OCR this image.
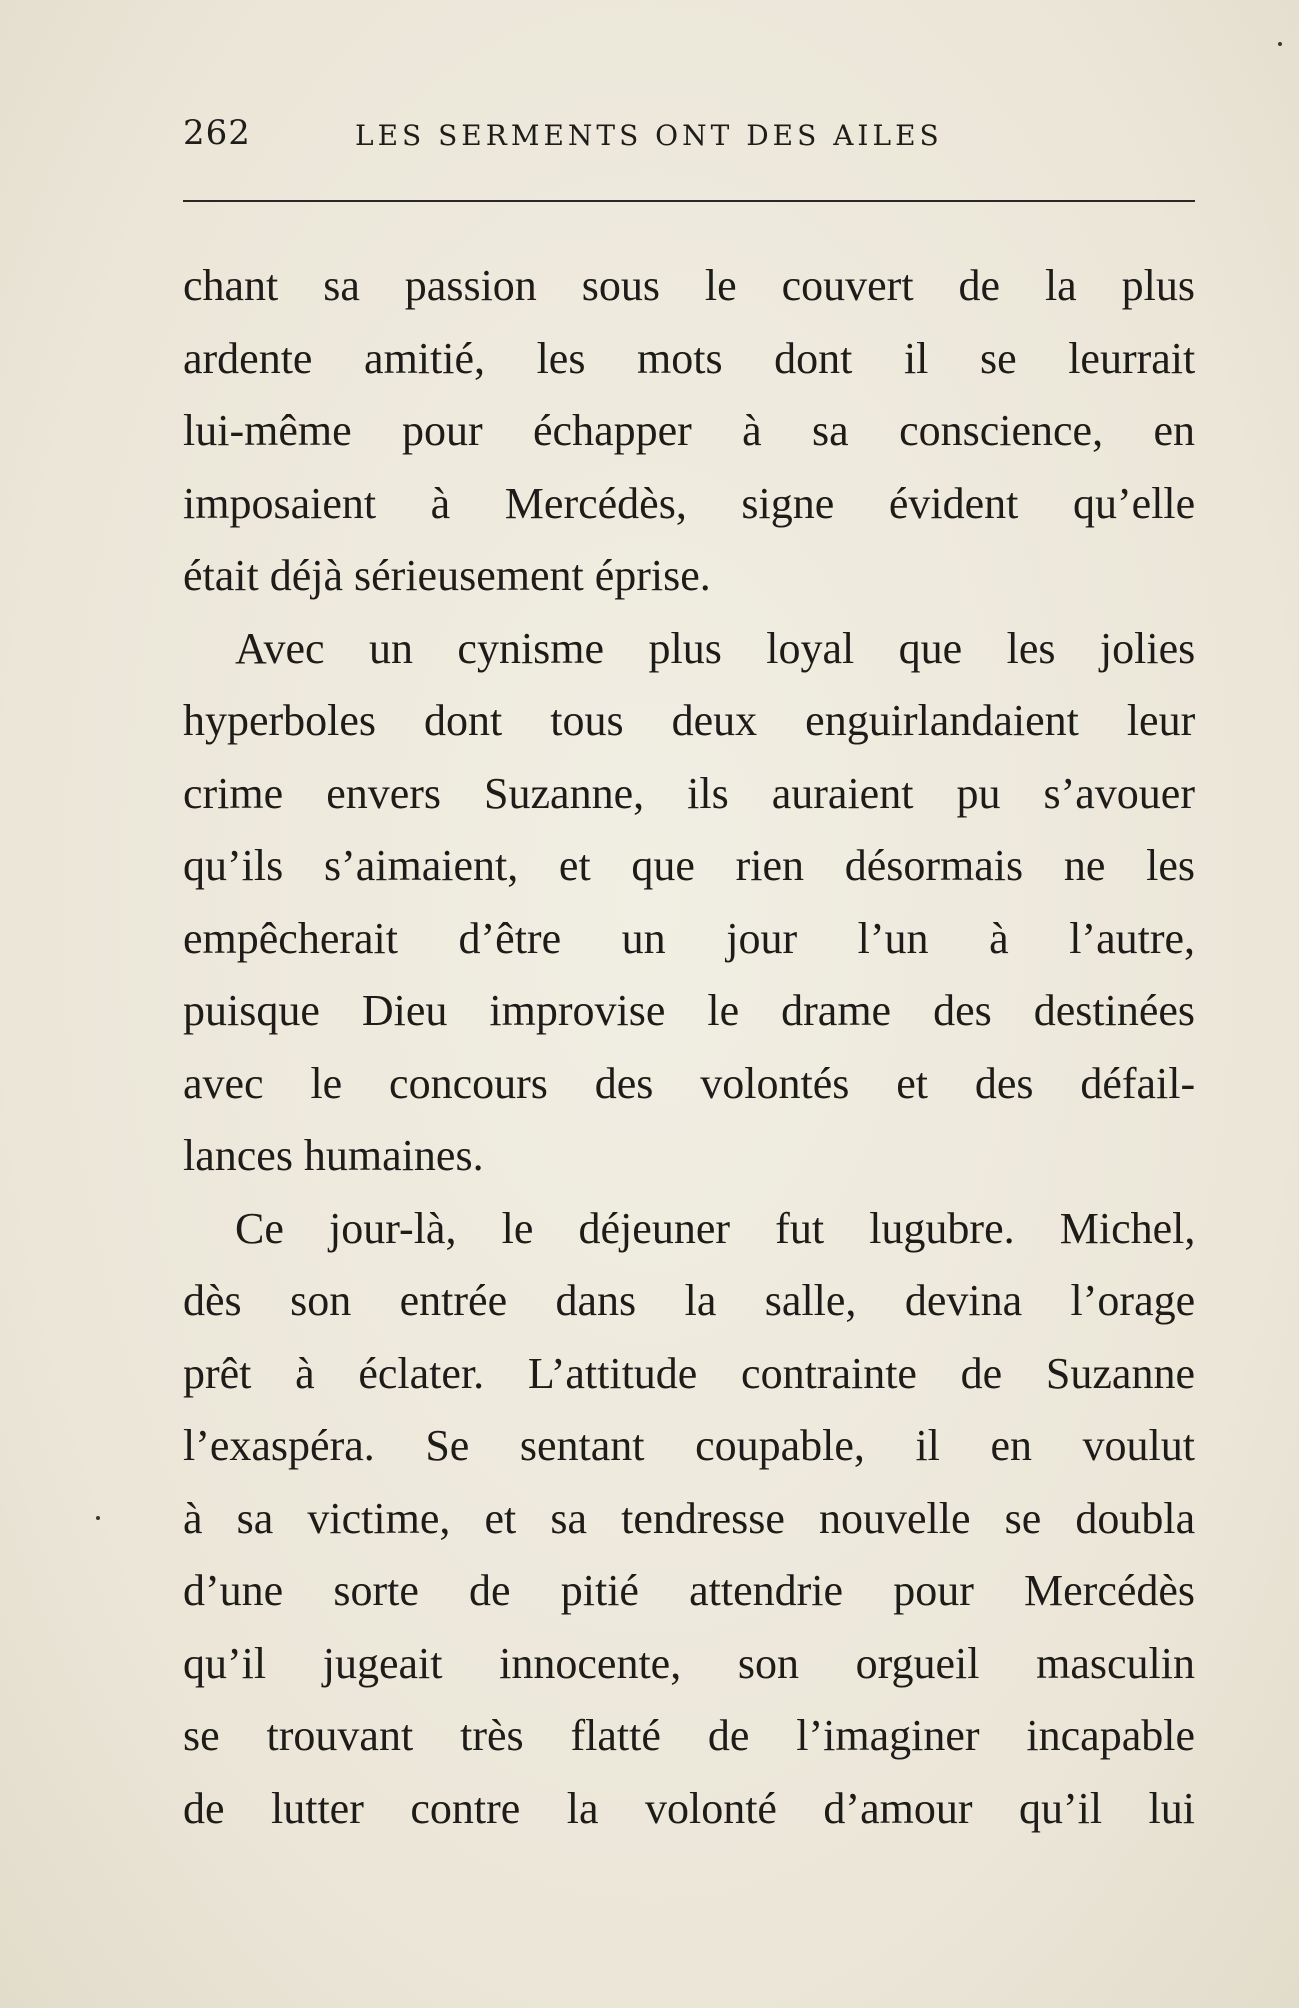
262	LES SERMENTS ONT DES AILES
chant sa passion sous le couvert de la plus
ardente amitié, les mots dont il se leurrait
lui-même pour échapper à sa conscience, en
imposaient à Mercédès, signe évident qu’elle
était déjà sérieusement éprise.
Avec un cynisme plus loyal que les jolies
hyperboles dont tous deux enguirlandaient leur
crime envers Suzanne, ils auraient pu s’avouer
qu’ils s’aimaient, et que rien désormais ne les
empêcherait d’être un jour l’un à l’autre,
puisque Dieu improvise le drame des destinées
avec le concours des volontés et des défail-
lances humaines.
Ce jour-là, le déjeuner fut lugubre. Michel,
dès son entrée dans la salle, devina l’orage
prêt à éclater. L’attitude contrainte de Suzanne
l’exaspéra. Se sentant coupable, il en voulut
à sa victime, et sa tendresse nouvelle se doubla
d’une sorte de pitié attendrie pour Mercédès
qu’il jugeait innocente, son orgueil masculin
se trouvant très flatté de l’imaginer incapable
de lutter contre la volonté d’amour qu’il lui
